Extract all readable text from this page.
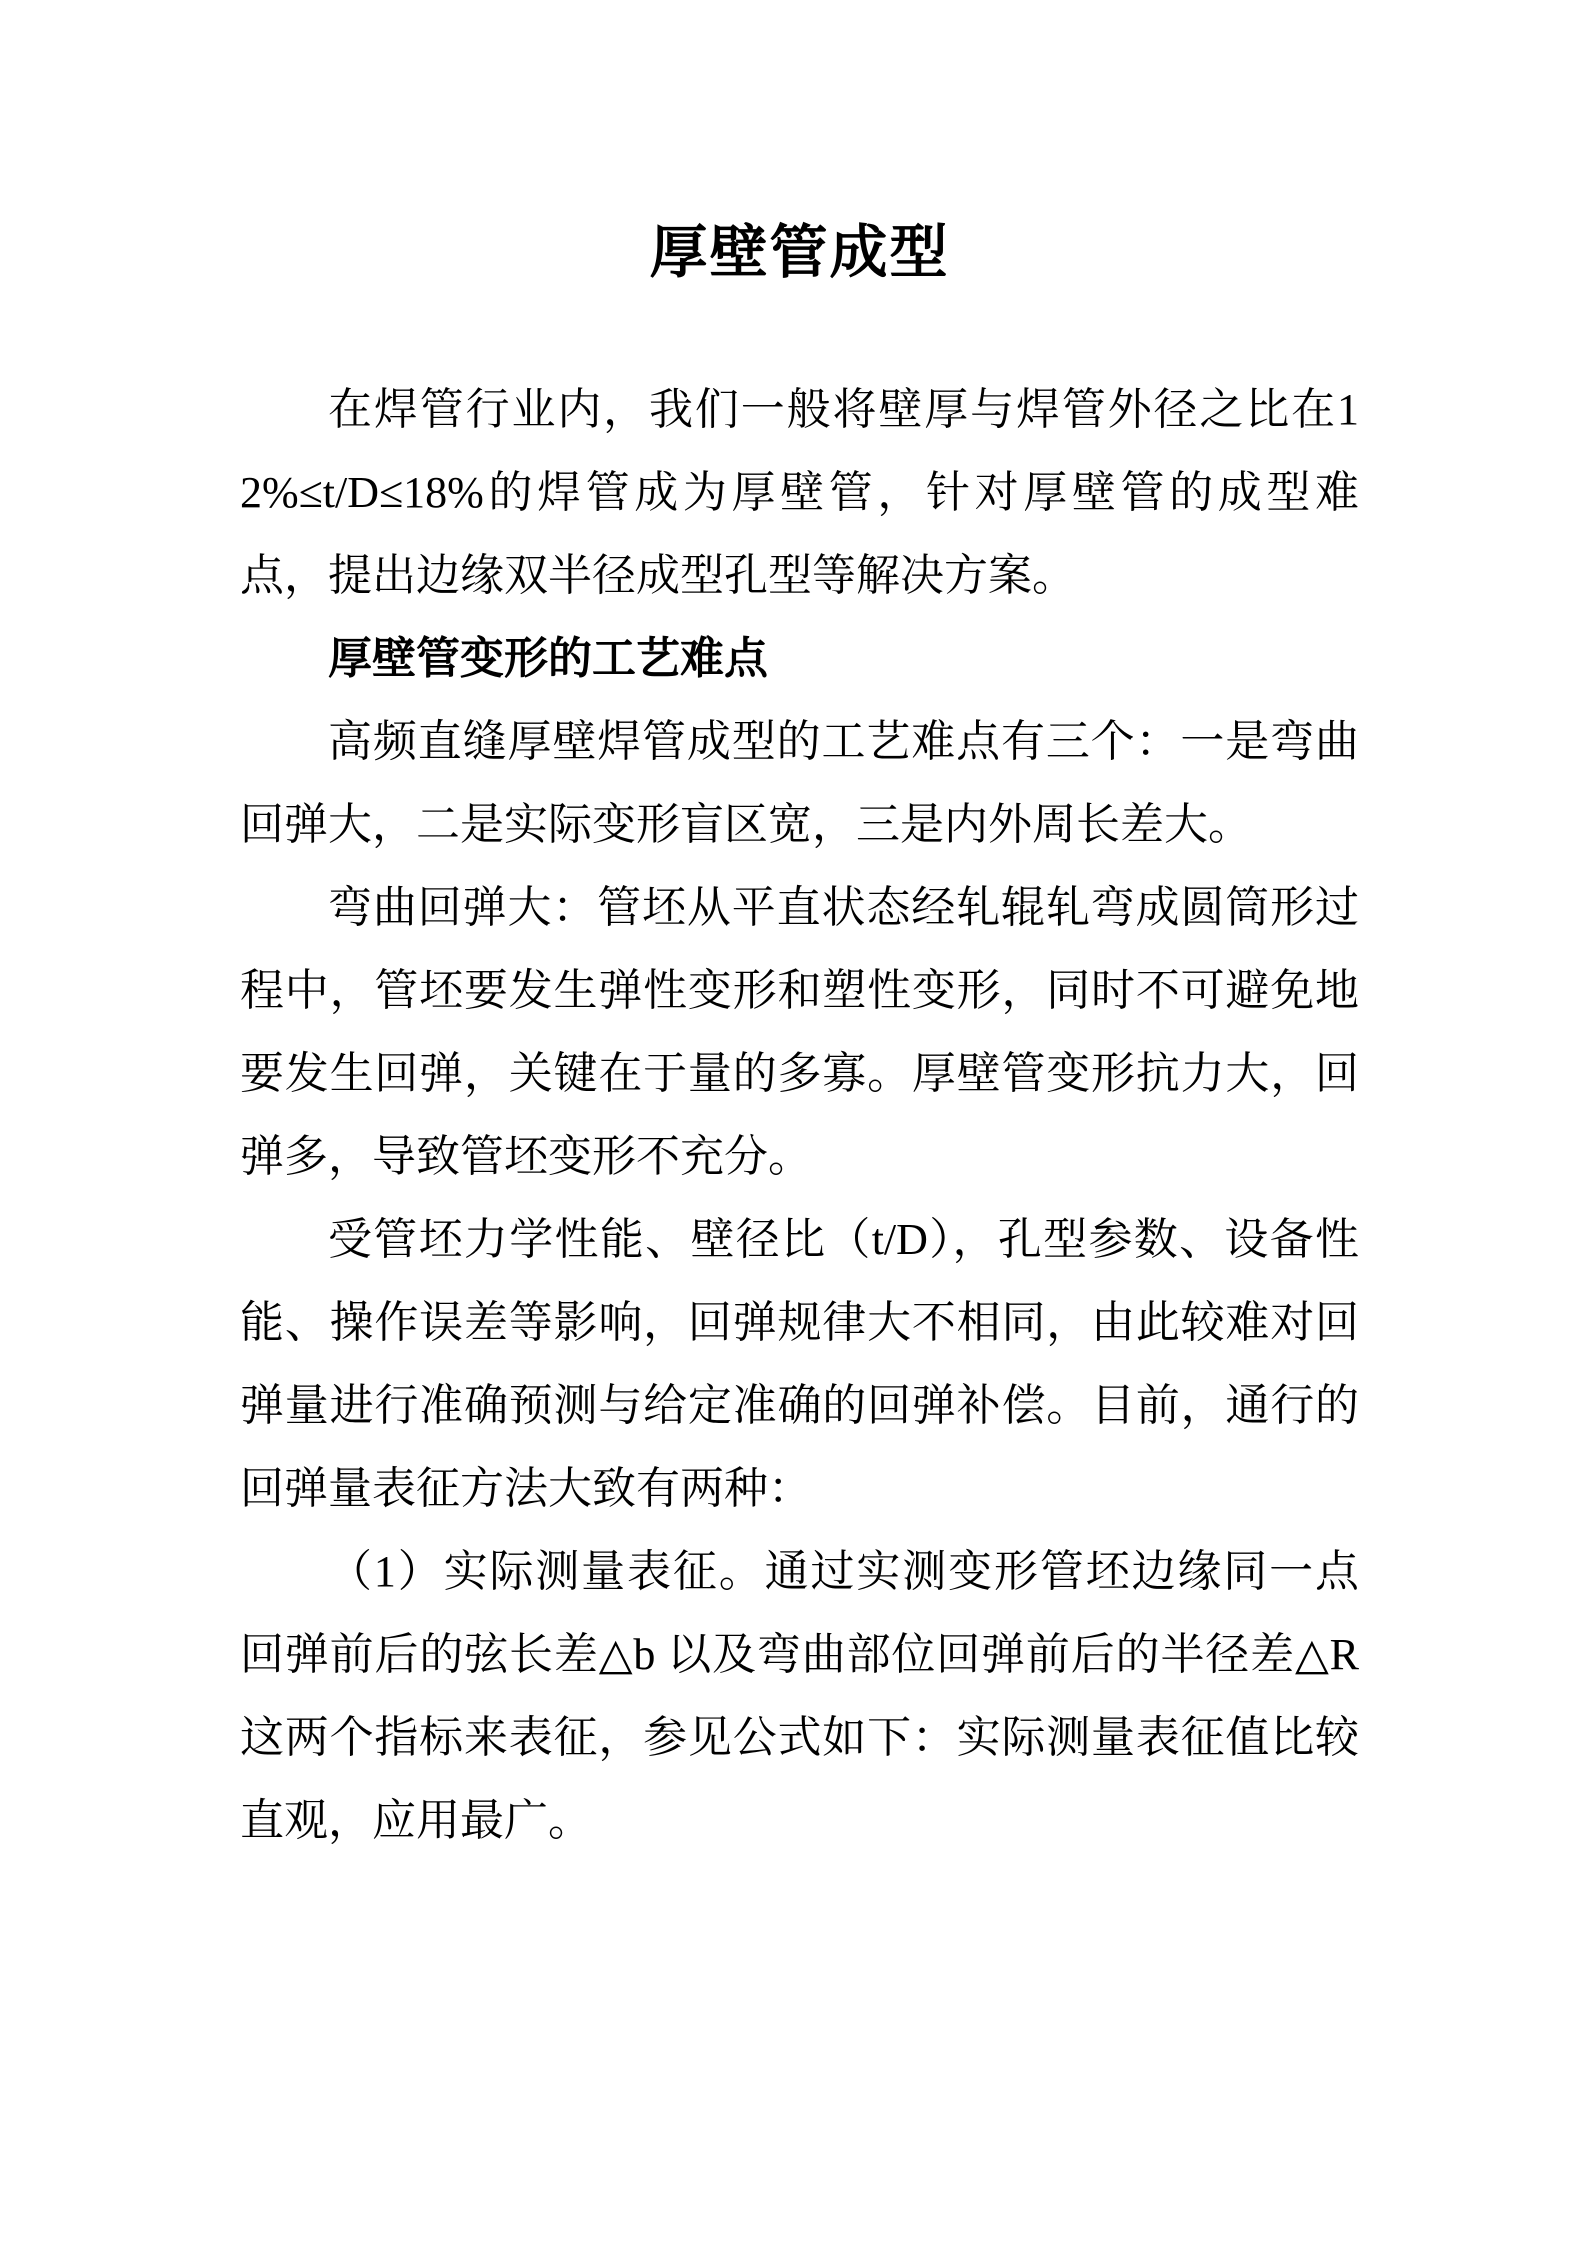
厚壁管成型

在焊管行业内，我们一般将壁厚与焊管外径之比在12%≤t/D≤18%的焊管成为厚壁管，针对厚壁管的成型难点，提出边缘双半径成型孔型等解决方案。

厚壁管变形的工艺难点

高频直缝厚壁焊管成型的工艺难点有三个：一是弯曲回弹大，二是实际变形盲区宽，三是内外周长差大。

弯曲回弹大：管坯从平直状态经轧辊轧弯成圆筒形过程中，管坯要发生弹性变形和塑性变形，同时不可避免地要发生回弹，关键在于量的多寡。厚壁管变形抗力大，回弹多，导致管坯变形不充分。

受管坯力学性能、壁径比（t/D），孔型参数、设备性能、操作误差等影响，回弹规律大不相同，由此较难对回弹量进行准确预测与给定准确的回弹补偿。目前，通行的回弹量表征方法大致有两种：

（1）实际测量表征。通过实测变形管坯边缘同一点回弹前后的弦长差△b 以及弯曲部位回弹前后的半径差△R 这两个指标来表征，参见公式如下：实际测量表征值比较直观，应用最广。
